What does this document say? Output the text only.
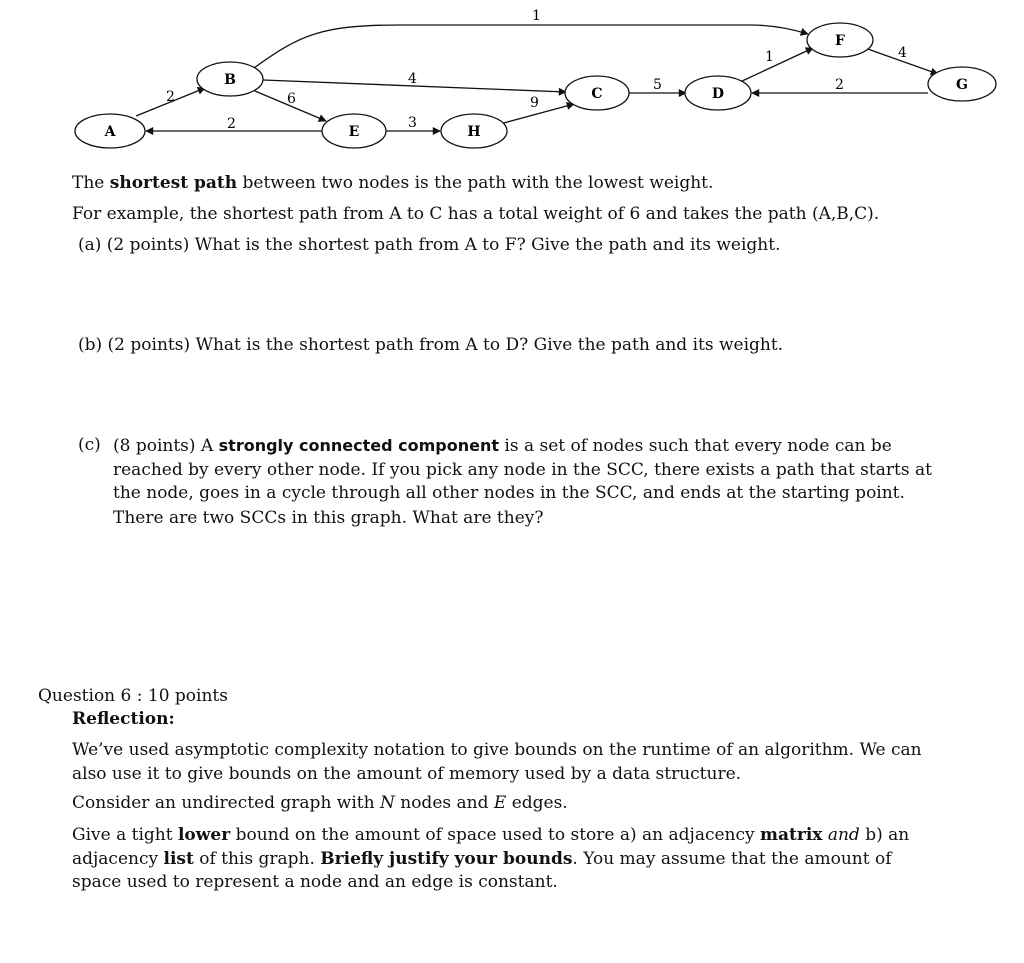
2
2
6
4
1
3
9
5
1	4
2
A
B
E	H
C	D
F
G

The shortest path between two nodes is the path with the lowest weight.

For example, the shortest path from A to C has a total weight of 6 and takes the path (A,B,C).

(a) (2 points) What is the shortest path from A to F? Give the path and its weight.

(b) (2 points) What is the shortest path from A to D? Give the path and its weight.

(c) (8 points) A strongly connected component is a set of nodes such that every node can be reached by every other node. If you pick any node in the SCC, there exists a path that starts at the node, goes in a cycle through all other nodes in the SCC, and ends at the starting point.

There are two SCCs in this graph. What are they?

Question 6 : 10 points

Reflection:

We’ve used asymptotic complexity notation to give bounds on the runtime of an algorithm. We can also use it to give bounds on the amount of memory used by a data structure.

Consider an undirected graph with N nodes and E edges.

Give a tight lower bound on the amount of space used to store a) an adjacency matrix and b) an adjacency list of this graph. Briefly justify your bounds. You may assume that the amount of space used to represent a node and an edge is constant.
